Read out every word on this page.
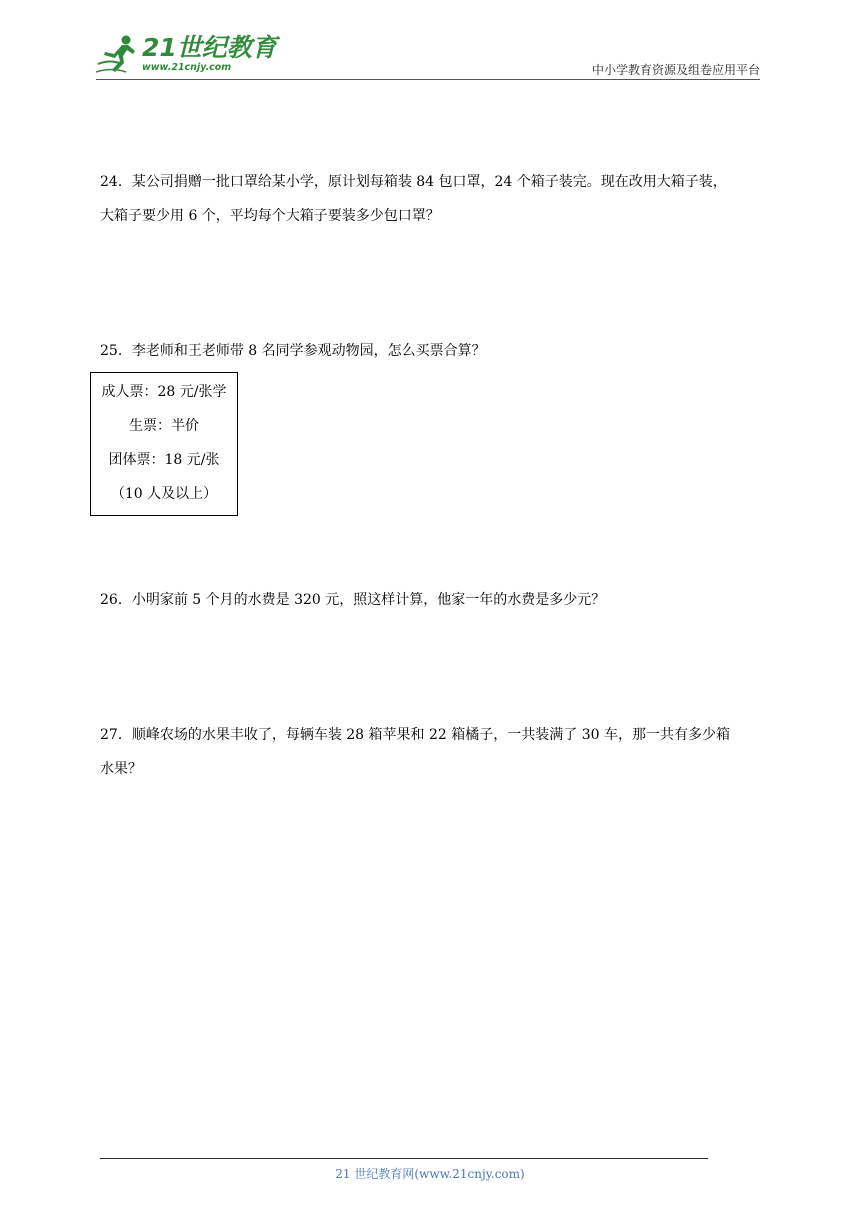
21世纪教育
www.21cnjy.com	中小学教育资源及组卷应用平台

24．某公司捐赠一批口罩给某小学，原计划每箱装 84 包口罩，24 个箱子装完。现在改用大箱子装，

大箱子要少用 6 个，平均每个大箱子要装多少包口罩？

25．李老师和王老师带 8 名同学参观动物园，怎么买票合算？

成人票：28 元/张学
生票：半价
团体票：18 元/张
（10 人及以上）

26．小明家前 5 个月的水费是 320 元，照这样计算，他家一年的水费是多少元？

27．顺峰农场的水果丰收了，每辆车装 28 箱苹果和 22 箱橘子，一共装满了 30 车，那一共有多少箱

水果？

21 世纪教育网(www.21cnjy.com)
